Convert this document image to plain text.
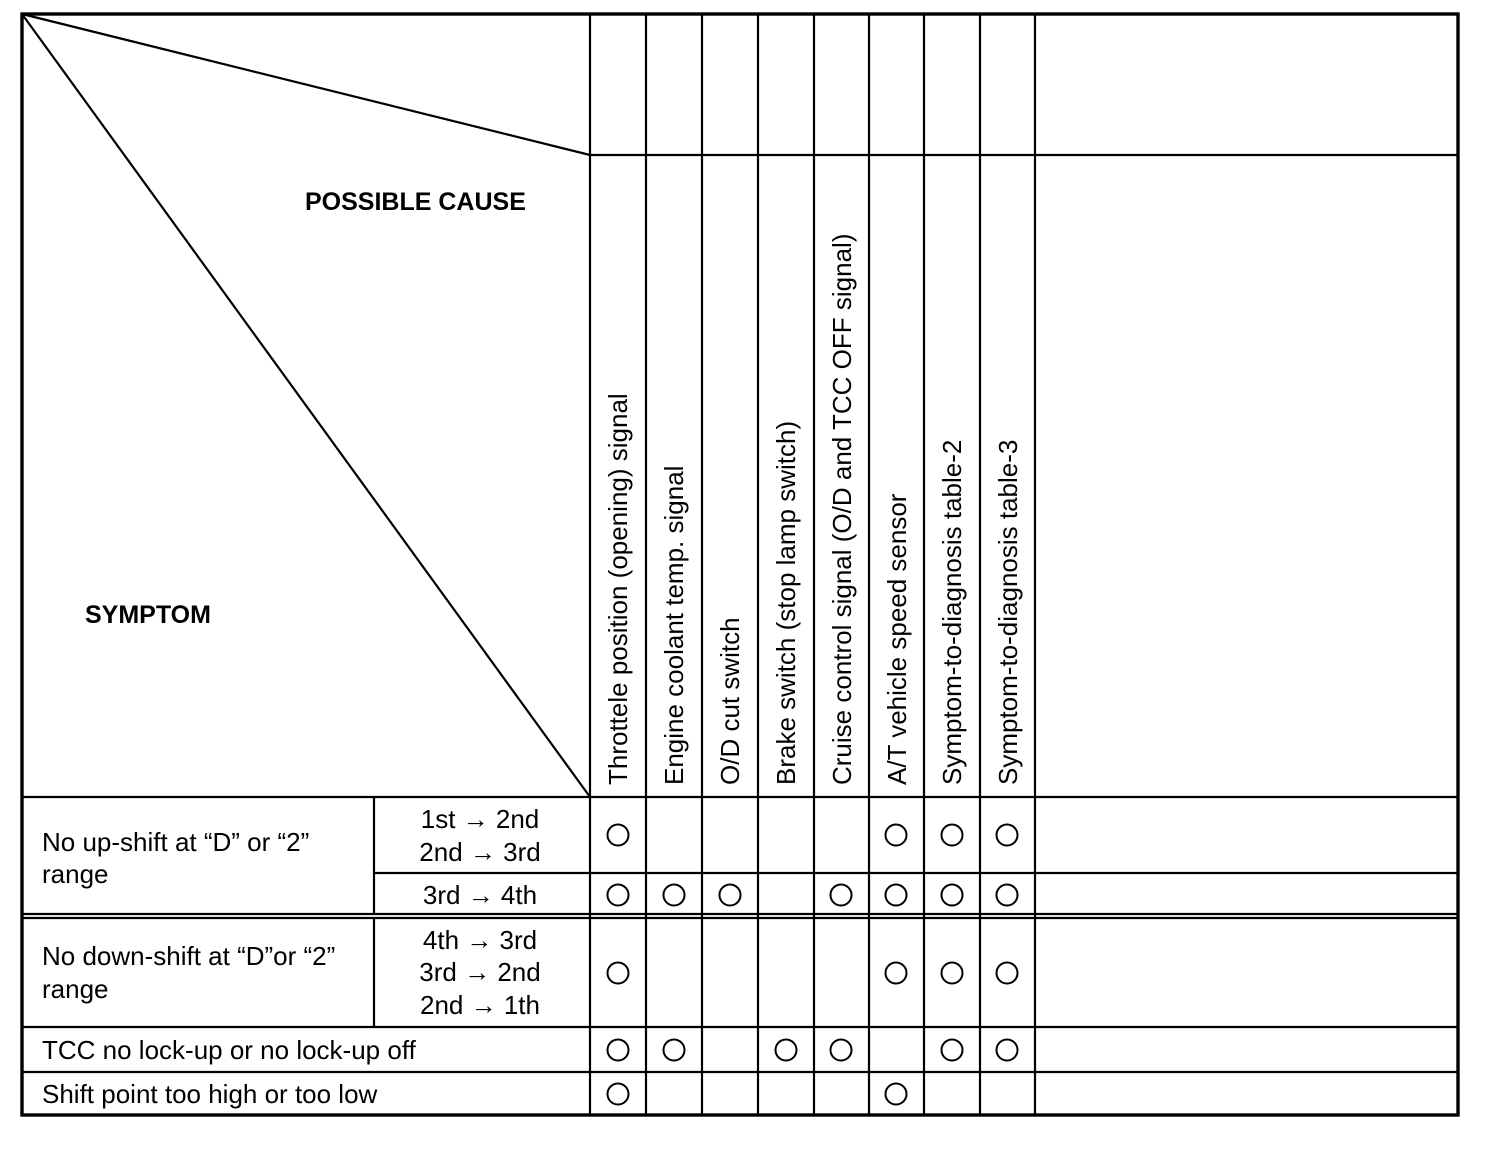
POSSIBLE CAUSE
SYMPTOM	Throttele position (opening) signal Engine coolant temp. signal O/D cut switch Brake switch (stop lamp switch) Cruise control signal (O/D and TCC OFF signal) A/T vehicle speed sensor Symptom-to-diagnosis table-2 Symptom-to-diagnosis table-3
No up-shift at “D” or “2”
range
No down-shift at “D”or “2”
range
1st → 2nd
2nd → 3rd
3rd → 4th
4th → 3rd
3rd → 2nd
2nd → 1th
TCC no lock-up or no lock-up off
Shift point too high or too low
